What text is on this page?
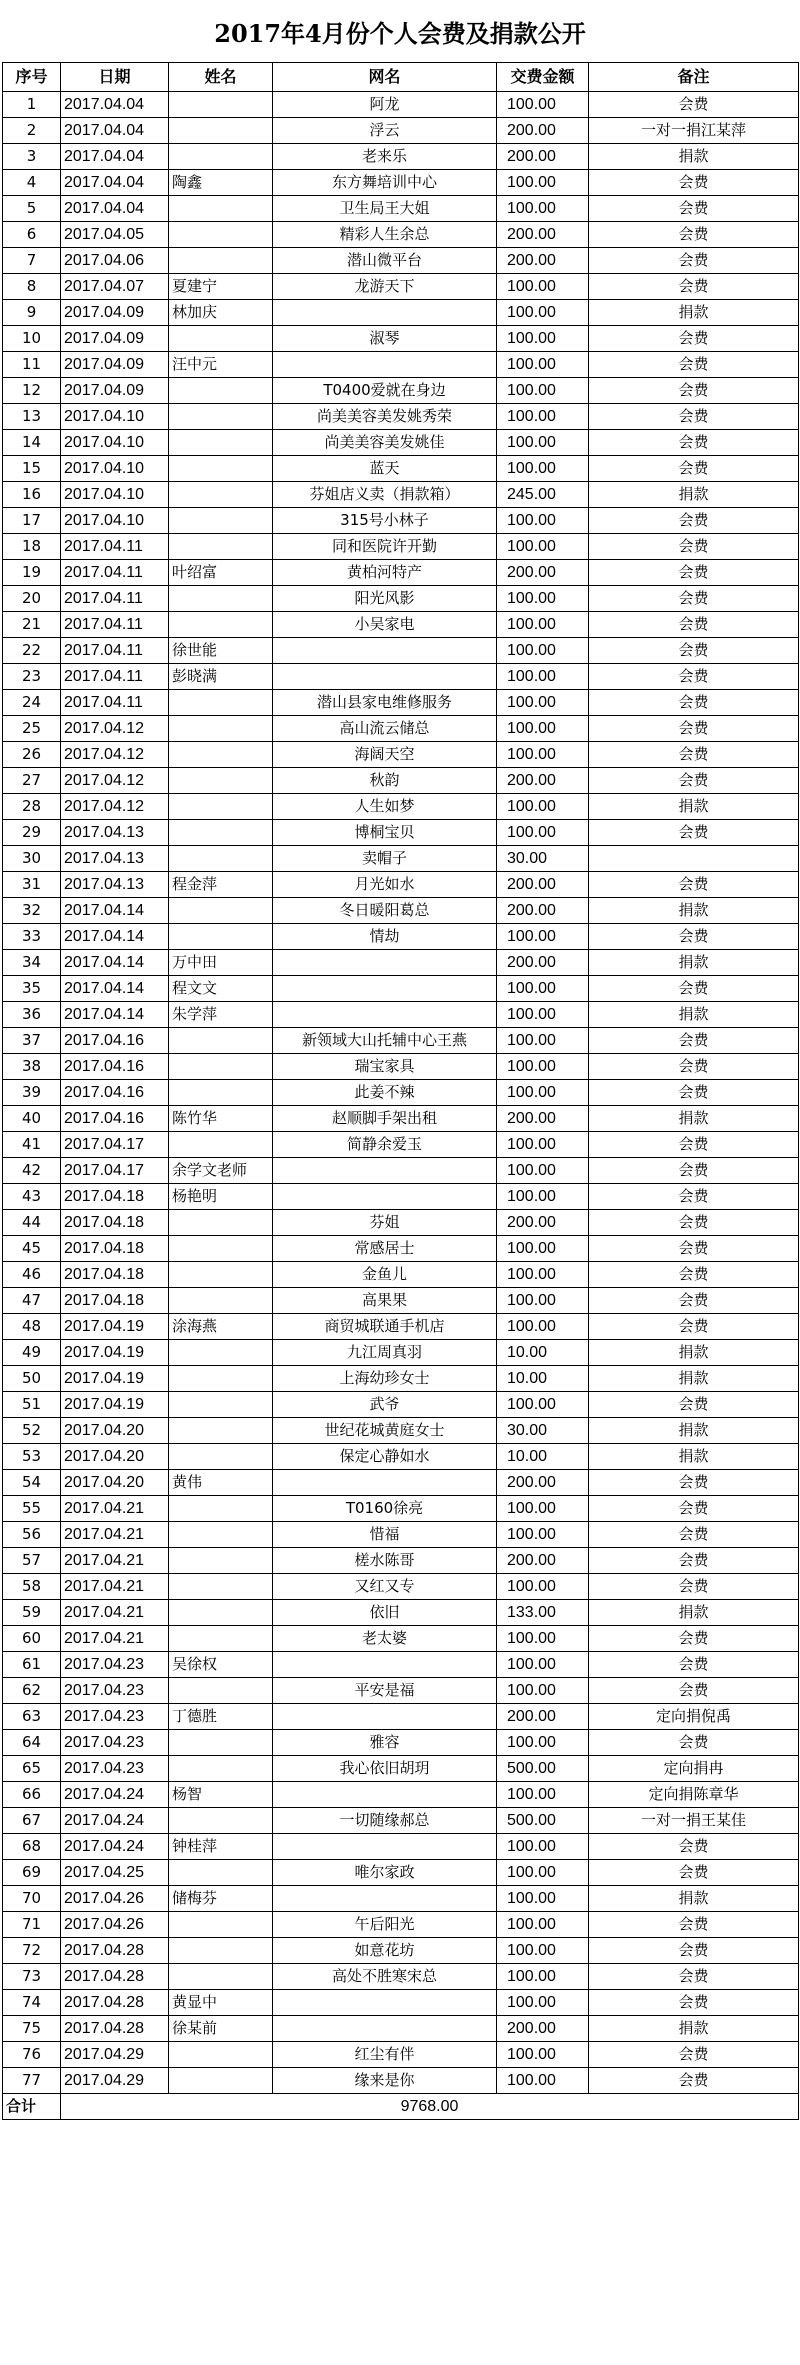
2017年4月份个人会费及捐款公开
序号	日期	姓名	网名	交费金额	备注
1	2017.04.04		阿龙	100.00	会费
2	2017.04.04		浮云	200.00	一对一捐江某萍
3	2017.04.04		老来乐	200.00	捐款
4	2017.04.04	陶鑫	东方舞培训中心	100.00	会费
5	2017.04.04		卫生局王大姐	100.00	会费
6	2017.04.05		精彩人生余总	200.00	会费
7	2017.04.06		潜山微平台	200.00	会费
8	2017.04.07	夏建宁	龙游天下	100.00	会费
9	2017.04.09	林加庆		100.00	捐款
10	2017.04.09		淑琴	100.00	会费
11	2017.04.09	汪中元		100.00	会费
12	2017.04.09		T0400爱就在身边	100.00	会费
13	2017.04.10		尚美美容美发姚秀荣	100.00	会费
14	2017.04.10		尚美美容美发姚佳	100.00	会费
15	2017.04.10		蓝天	100.00	会费
16	2017.04.10		芬姐店义卖（捐款箱）	245.00	捐款
17	2017.04.10		315号小林子	100.00	会费
18	2017.04.11		同和医院许开勤	100.00	会费
19	2017.04.11	叶绍富	黄柏河特产	200.00	会费
20	2017.04.11		阳光风影	100.00	会费
21	2017.04.11		小吴家电	100.00	会费
22	2017.04.11	徐世能		100.00	会费
23	2017.04.11	彭晓满		100.00	会费
24	2017.04.11		潜山县家电维修服务	100.00	会费
25	2017.04.12		高山流云储总	100.00	会费
26	2017.04.12		海阔天空	100.00	会费
27	2017.04.12		秋韵	200.00	会费
28	2017.04.12		人生如梦	100.00	捐款
29	2017.04.13		博桐宝贝	100.00	会费
30	2017.04.13		卖帽子	30.00	
31	2017.04.13	程金萍	月光如水	200.00	会费
32	2017.04.14		冬日暖阳葛总	200.00	捐款
33	2017.04.14		情劫	100.00	会费
34	2017.04.14	万中田		200.00	捐款
35	2017.04.14	程文文		100.00	会费
36	2017.04.14	朱学萍		100.00	捐款
37	2017.04.16		新领域大山托辅中心王燕	100.00	会费
38	2017.04.16		瑞宝家具	100.00	会费
39	2017.04.16		此姜不辣	100.00	会费
40	2017.04.16	陈竹华	赵顺脚手架出租	200.00	捐款
41	2017.04.17		简静余爱玉	100.00	会费
42	2017.04.17	余学文老师		100.00	会费
43	2017.04.18	杨艳明		100.00	会费
44	2017.04.18		芬姐	200.00	会费
45	2017.04.18		常感居士	100.00	会费
46	2017.04.18		金鱼儿	100.00	会费
47	2017.04.18		高果果	100.00	会费
48	2017.04.19	涂海燕	商贸城联通手机店	100.00	会费
49	2017.04.19		九江周真羽	10.00	捐款
50	2017.04.19		上海幼珍女士	10.00	捐款
51	2017.04.19		武爷	100.00	会费
52	2017.04.20		世纪花城黄庭女士	30.00	捐款
53	2017.04.20		保定心静如水	10.00	捐款
54	2017.04.20	黄伟		200.00	会费
55	2017.04.21		T0160徐亮	100.00	会费
56	2017.04.21		惜福	100.00	会费
57	2017.04.21		槎水陈哥	200.00	会费
58	2017.04.21		又红又专	100.00	会费
59	2017.04.21		依旧	133.00	捐款
60	2017.04.21		老太婆	100.00	会费
61	2017.04.23	吴徐权		100.00	会费
62	2017.04.23		平安是福	100.00	会费
63	2017.04.23	丁德胜		200.00	定向捐倪禹
64	2017.04.23		雅容	100.00	会费
65	2017.04.23		我心依旧胡玥	500.00	定向捐冉
66	2017.04.24	杨智		100.00	定向捐陈章华
67	2017.04.24		一切随缘郝总	500.00	一对一捐王某佳
68	2017.04.24	钟桂萍		100.00	会费
69	2017.04.25		唯尔家政	100.00	会费
70	2017.04.26	储梅芬		100.00	捐款
71	2017.04.26		午后阳光	100.00	会费
72	2017.04.28		如意花坊	100.00	会费
73	2017.04.28		高处不胜寒宋总	100.00	会费
74	2017.04.28	黄显中		100.00	会费
75	2017.04.28	徐某前		200.00	捐款
76	2017.04.29		红尘有伴	100.00	会费
77	2017.04.29		缘来是你	100.00	会费
合计	9768.00				
